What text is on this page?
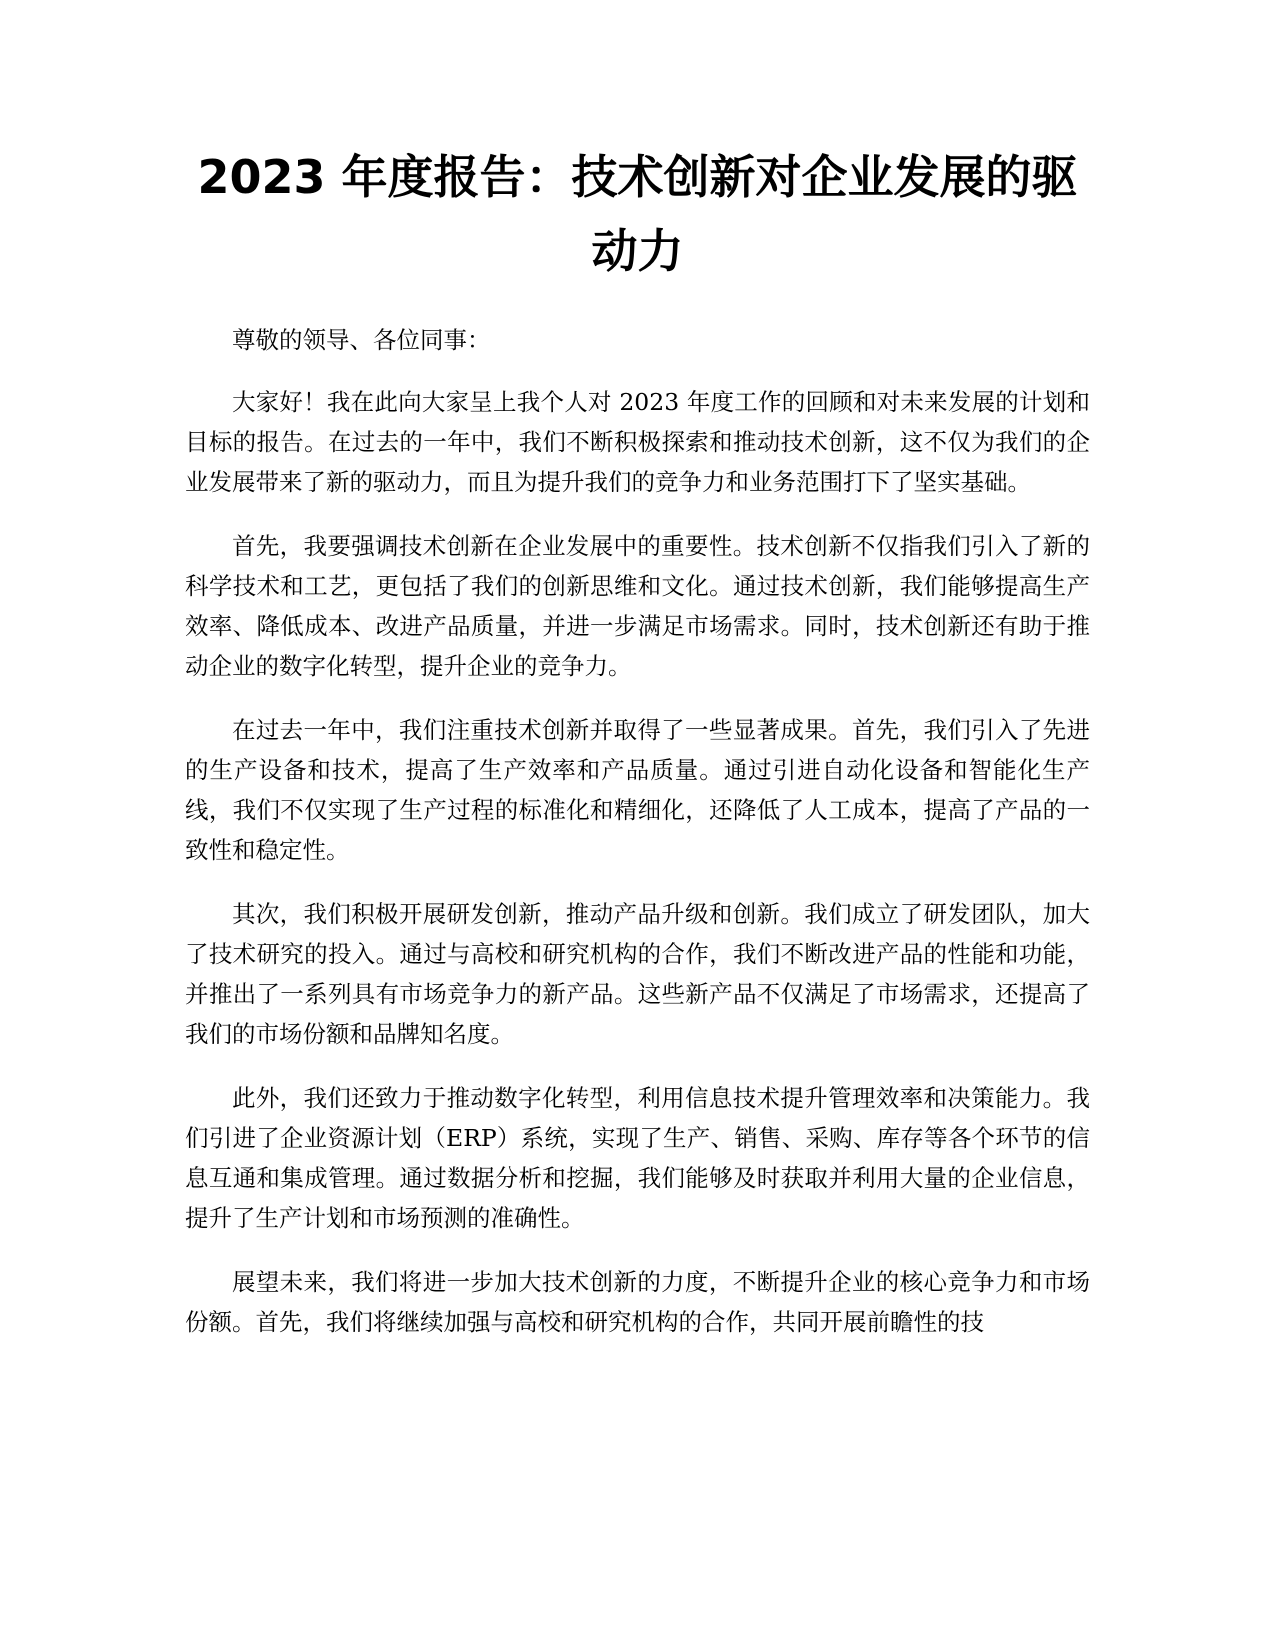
2023 年度报告：技术创新对企业发展的驱动力

尊敬的领导、各位同事：

大家好！我在此向大家呈上我个人对 2023 年度工作的回顾和对未来发展的计划和目标的报告。在过去的一年中，我们不断积极探索和推动技术创新，这不仅为我们的企业发展带来了新的驱动力，而且为提升我们的竞争力和业务范围打下了坚实基础。

首先，我要强调技术创新在企业发展中的重要性。技术创新不仅指我们引入了新的科学技术和工艺，更包括了我们的创新思维和文化。通过技术创新，我们能够提高生产效率、降低成本、改进产品质量，并进一步满足市场需求。同时，技术创新还有助于推动企业的数字化转型，提升企业的竞争力。

在过去一年中，我们注重技术创新并取得了一些显著成果。首先，我们引入了先进的生产设备和技术，提高了生产效率和产品质量。通过引进自动化设备和智能化生产线，我们不仅实现了生产过程的标准化和精细化，还降低了人工成本，提高了产品的一致性和稳定性。

其次，我们积极开展研发创新，推动产品升级和创新。我们成立了研发团队，加大了技术研究的投入。通过与高校和研究机构的合作，我们不断改进产品的性能和功能，并推出了一系列具有市场竞争力的新产品。这些新产品不仅满足了市场需求，还提高了我们的市场份额和品牌知名度。

此外，我们还致力于推动数字化转型，利用信息技术提升管理效率和决策能力。我们引进了企业资源计划（ERP）系统，实现了生产、销售、采购、库存等各个环节的信息互通和集成管理。通过数据分析和挖掘，我们能够及时获取并利用大量的企业信息，提升了生产计划和市场预测的准确性。

展望未来，我们将进一步加大技术创新的力度，不断提升企业的核心竞争力和市场份额。首先，我们将继续加强与高校和研究机构的合作，共同开展前瞻性的技
